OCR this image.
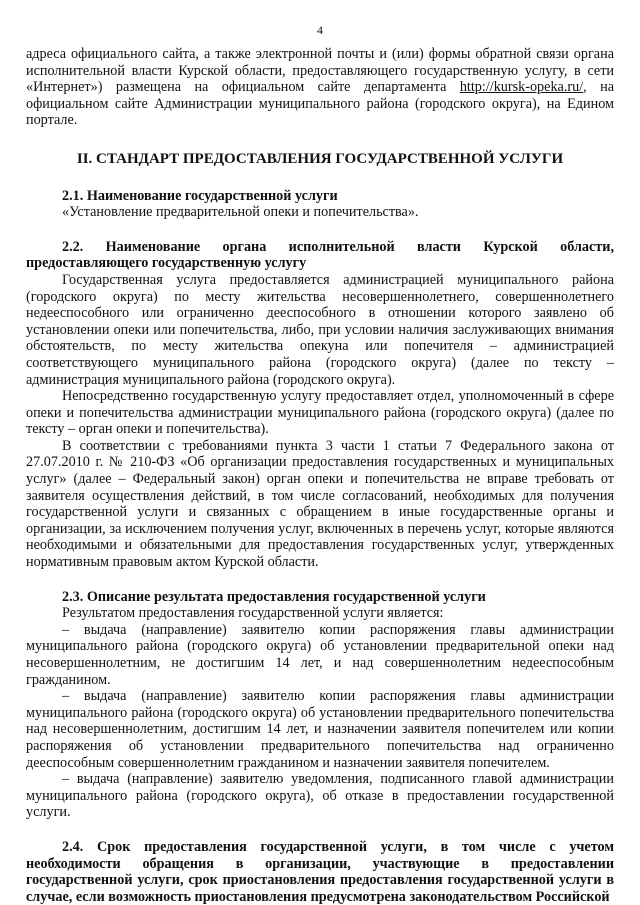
4

адреса официального сайта, а также электронной почты и (или) формы обратной связи органа исполнительной власти Курской области, предоставляющего государственную услугу, в сети «Интернет») размещена на официальном сайте департамента http://kursk-opeka.ru/, на официальном сайте Администрации муниципального района (городского округа), на Едином портале.

II. СТАНДАРТ ПРЕДОСТАВЛЕНИЯ ГОСУДАРСТВЕННОЙ УСЛУГИ

2.1. Наименование государственной услуги

«Установление предварительной опеки и попечительства».

2.2. Наименование органа исполнительной власти Курской области, предоставляющего государственную услугу

Государственная услуга предоставляется администрацией муниципального района (городского округа) по месту жительства несовершеннолетнего, совершеннолетнего недееспособного или ограниченно дееспособного в отношении которого заявлено об установлении опеки или попечительства, либо, при условии наличия заслуживающих внимания обстоятельств, по месту жительства опекуна или попечителя – администрацией соответствующего муниципального района (городского округа) (далее по тексту – администрация муниципального района (городского округа).

Непосредственно государственную услугу предоставляет отдел, уполномоченный в сфере опеки и попечительства администрации муниципального района (городского округа) (далее по тексту – орган опеки и попечительства).

В соответствии с требованиями пункта 3 части 1 статьи 7 Федерального закона от 27.07.2010 г. № 210-ФЗ «Об организации предоставления государственных и муниципальных услуг» (далее – Федеральный закон) орган опеки и попечительства не вправе требовать от заявителя осуществления действий, в том числе согласований, необходимых для получения государственной услуги и связанных с обращением в иные государственные органы и организации, за исключением получения услуг, включенных в перечень услуг, которые являются необходимыми и обязательными для предоставления государственных услуг, утвержденных нормативным правовым актом Курской области.

2.3. Описание результата предоставления государственной услуги

Результатом предоставления государственной услуги является:

– выдача (направление) заявителю копии распоряжения главы администрации муниципального района (городского округа) об установлении предварительной опеки над несовершеннолетним, не достигшим 14 лет, и над совершеннолетним недееспособным гражданином.

– выдача (направление) заявителю копии распоряжения главы администрации муниципального района (городского округа) об установлении предварительного попечительства над несовершеннолетним, достигшим 14 лет, и назначении заявителя попечителем или копии распоряжения об установлении предварительного попечительства над ограниченно дееспособным совершеннолетним гражданином и назначении заявителя попечителем.

– выдача (направление) заявителю уведомления, подписанного главой администрации муниципального района (городского округа), об отказе в предоставлении государственной услуги.

2.4. Срок предоставления государственной услуги, в том числе с учетом необходимости обращения в организации, участвующие в предоставлении государственной услуги, срок приостановления предоставления государственной услуги в случае, если возможность приостановления предусмотрена законодательством Российской
